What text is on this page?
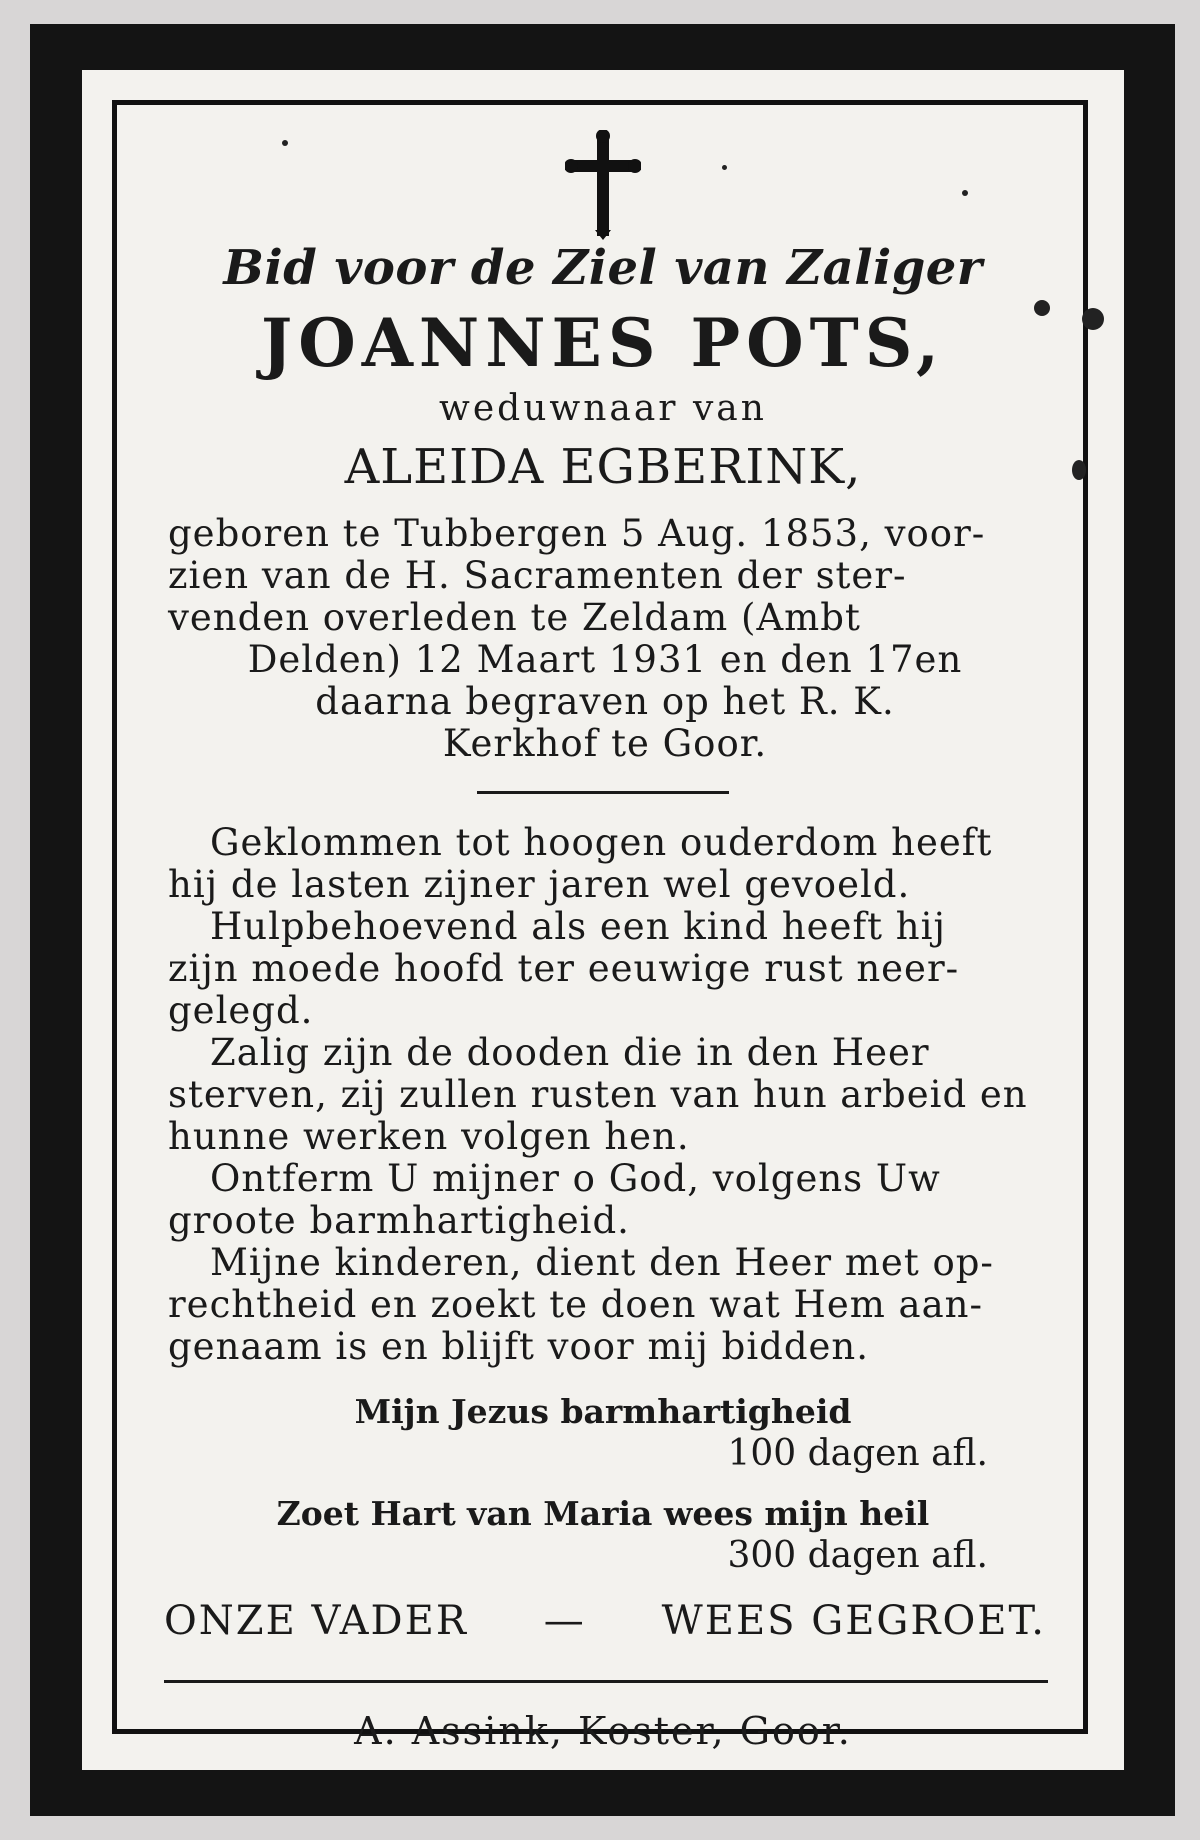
Bid voor de Ziel van Zaliger
JOANNES POTS,
weduwnaar van
ALEIDA EGBERINK,
geboren te Tubbergen 5 Aug. 1853, voor-
zien van de H. Sacramenten der ster-
venden overleden te Zeldam (Ambt
Delden) 12 Maart 1931 en den 17en
daarna begraven op het R. K.
Kerkhof te Goor.
Geklommen tot hoogen ouderdom heeft
hij de lasten zijner jaren wel gevoeld.
Hulpbehoevend als een kind heeft hij
zijn moede hoofd ter eeuwige rust neer-
gelegd.
Zalig zijn de dooden die in den Heer
sterven, zij zullen rusten van hun arbeid en
hunne werken volgen hen.
Ontferm U mijner o God, volgens Uw
groote barmhartigheid.
Mijne kinderen, dient den Heer met op-
rechtheid en zoekt te doen wat Hem aan-
genaam is en blijft voor mij bidden.
Mijn Jezus barmhartigheid
100 dagen afl.
Zoet Hart van Maria wees mijn heil
300 dagen afl.
ONZE VADER — WEES GEGROET.
A. Assink, Koster, Goor.
